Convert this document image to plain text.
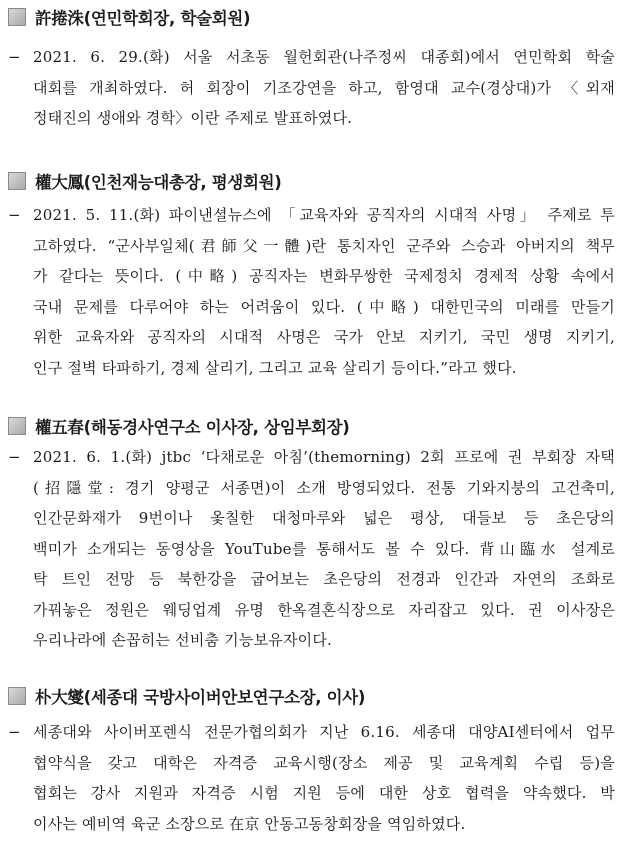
許捲洙(연민학회장, 학술회원)
− 2021. 6. 29.(화) 서울 서초동 월헌회관(나주정씨 대종회)에서 연민학회 학술
대회를 개최하였다. 허 회장이 기조강연을 하고, 함영대 교수(경상대)가 〈외재
정태진의 생애와 경학〉이란 주제로 발표하였다.
權大鳳(인천재능대총장, 평생회원)
− 2021. 5. 11.(화) 파이낸셜뉴스에 「교육자와 공직자의 시대적 사명」 주제로 투
고하였다. “군사부일체(君師父一體)란 통치자인 군주와 스승과 아버지의 책무
가 같다는 뜻이다. (中略) 공직자는 변화무쌍한 국제정치 경제적 상황 속에서
국내 문제를 다루어야 하는 어려움이 있다. (中略) 대한민국의 미래를 만들기
위한 교육자와 공직자의 시대적 사명은 국가 안보 지키기, 국민 생명 지키기,
인구 절벽 타파하기, 경제 살리기, 그리고 교육 살리기 등이다.”라고 했다.
權五春(해동경사연구소 이사장, 상임부회장)
− 2021. 6. 1.(화) jtbc ‘다채로운 아침’(themorning) 2회 프로에 권 부회장 자택
(招隱堂: 경기 양평군 서종면)이 소개 방영되었다. 전통 기와지붕의 고건축미,
인간문화재가 9번이나 옻칠한 대청마루와 넓은 평상, 대들보 등 초은당의
백미가 소개되는 동영상을 YouTube를 통해서도 볼 수 있다. 背山臨水 설계로
탁 트인 전망 등 북한강을 굽어보는 초은당의 전경과 인간과 자연의 조화로
가꿔놓은 정원은 웨딩업계 유명 한옥결혼식장으로 자리잡고 있다. 권 이사장은
우리나라에 손꼽히는 선비춤 기능보유자이다.
朴大燮(세종대 국방사이버안보연구소장, 이사)
− 세종대와 사이버포렌식 전문가협의회가 지난 6.16. 세종대 대양AI센터에서 업무
협약식을 갖고 대학은 자격증 교육시행(장소 제공 및 교육계획 수립 등)을
협회는 강사 지원과 자격증 시험 지원 등에 대한 상호 협력을 약속했다. 박
이사는 예비역 육군 소장으로 在京 안동고동창회장을 역임하였다.
